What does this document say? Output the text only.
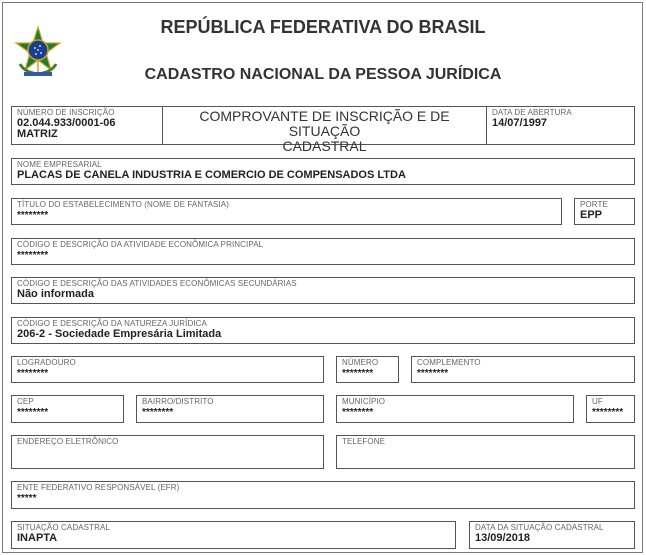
REPÚBLICA FEDERATIVA DO BRASIL
CADASTRO NACIONAL DA PESSOA JURÍDICA
NÚMERO DE INSCRIÇÃO
02.044.933/0001-06
MATRIZ
COMPROVANTE DE INSCRIÇÃO E DE SITUAÇÃO
CADASTRAL
DATA DE ABERTURA
14/07/1997
NOME EMPRESARIAL
PLACAS DE CANELA INDUSTRIA E COMERCIO DE COMPENSADOS LTDA
TÍTULO DO ESTABELECIMENTO (NOME DE FANTASIA)
********
PORTE
EPP
CÓDIGO E DESCRIÇÃO DA ATIVIDADE ECONÔMICA PRINCIPAL
********
CÓDIGO E DESCRIÇÃO DAS ATIVIDADES ECONÔMICAS SECUNDÁRIAS
Não informada
CÓDIGO E DESCRIÇÃO DA NATUREZA JURÍDICA
206-2 - Sociedade Empresária Limitada
LOGRADOURO
********
NÚMERO
********
COMPLEMENTO
********
CEP
********
BAIRRO/DISTRITO
********
MUNICÍPIO
********
UF
********
ENDEREÇO ELETRÔNICO	TELEFONE
ENTE FEDERATIVO RESPONSÁVEL (EFR)
*****
SITUAÇÃO CADASTRAL
INAPTA
DATA DA SITUAÇÃO CADASTRAL
13/09/2018
